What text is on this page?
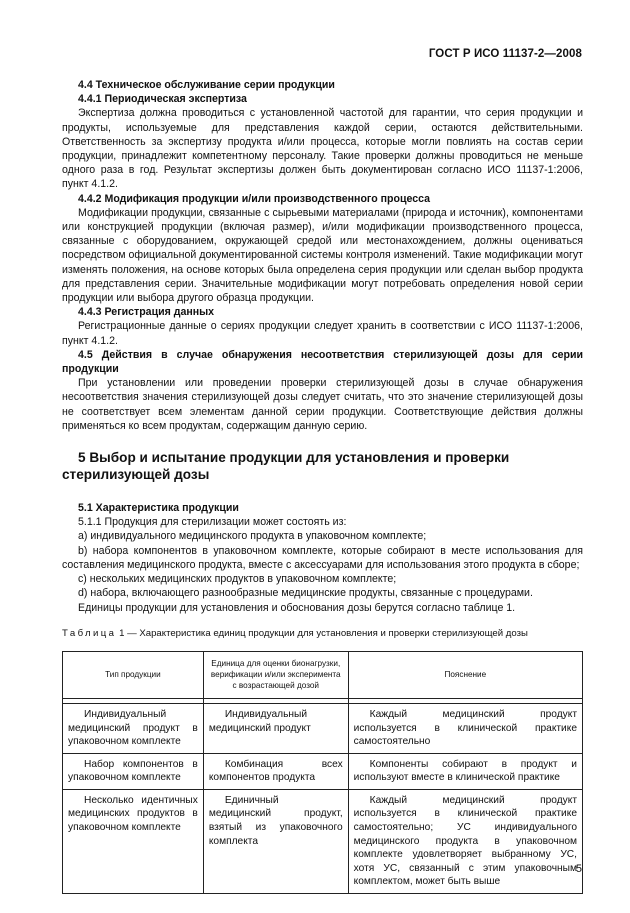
ГОСТ Р ИСО 11137-2—2008

4.4 Техническое обслуживание серии продукции

4.4.1 Периодическая экспертиза

Экспертиза должна проводиться с установленной частотой для гарантии, что серия продукции и продукты, используемые для представления каждой серии, остаются действительными. Ответственность за экспертизу продукта и/или процесса, которые могли повлиять на состав серии продукции, принадлежит компетентному персоналу. Такие проверки должны проводиться не меньше одного раза в год. Результат экспертизы должен быть документирован согласно ИСО 11137-1:2006, пункт 4.1.2.

4.4.2 Модификация продукции и/или производственного процесса

Модификации продукции, связанные с сырьевыми материалами (природа и источник), компонентами или конструкцией продукции (включая размер), и/или модификации производственного процесса, связанные с оборудованием, окружающей средой или местонахождением, должны оцениваться посредством официальной документированной системы контроля изменений. Такие модификации могут изменять положения, на основе которых была определена серия продукции или сделан выбор продукта для представления серии. Значительные модификации могут потребовать определения новой серии продукции или выбора другого образца продукции.

4.4.3 Регистрация данных

Регистрационные данные о сериях продукции следует хранить в соответствии с ИСО 11137-1:2006, пункт 4.1.2.

4.5 Действия в случае обнаружения несоответствия стерилизующей дозы для серии продукции

При установлении или проведении проверки стерилизующей дозы в случае обнаружения несоответствия значения стерилизующей дозы следует считать, что это значение стерилизующей дозы не соответствует всем элементам данной серии продукции. Соответствующие действия должны применяться ко всем продуктам, содержащим данную серию.

5 Выбор и испытание продукции для установления и проверки стерилизующей дозы

5.1 Характеристика продукции

5.1.1 Продукция для стерилизации может состоять из:

a) индивидуального медицинского продукта в упаковочном комплекте;

b) набора компонентов в упаковочном комплекте, которые собирают в месте использования для составления медицинского продукта, вместе с аксессуарами для использования этого продукта в сборе;

c) нескольких медицинских продуктов в упаковочном комплекте;

d) набора, включающего разнообразные медицинские продукты, связанные с процедурами.

Единицы продукции для установления и обоснования дозы берутся согласно таблице 1.

Таблица 1 — Характеристика единиц продукции для установления и проверки стерилизующей дозы

Тип продукции	Единица для оценки бионагрузки, верификации и/или эксперимента с возрастающей дозой	Пояснение

Индивидуальный медицинский продукт в упаковочном комплекте	Индивидуальный медицинский продукт	Каждый медицинский продукт используется в клинической практике самостоятельно
Набор компонентов в упаковочном комплекте	Комбинация всех компонентов продукта	Компоненты собирают в продукт и используют вместе в клинической практике
Несколько идентичных медицинских продуктов в упаковочном комплекте	Единичный медицинский продукт, взятый из упаковочного комплекта	Каждый медицинский продукт используется в клинической практике самостоятельно; УС индивидуального медицинского продукта в упаковочном комплекте удовлетворяет выбранному УС, хотя УС, связанный с этим упаковочным комплектом, может быть выше
5
